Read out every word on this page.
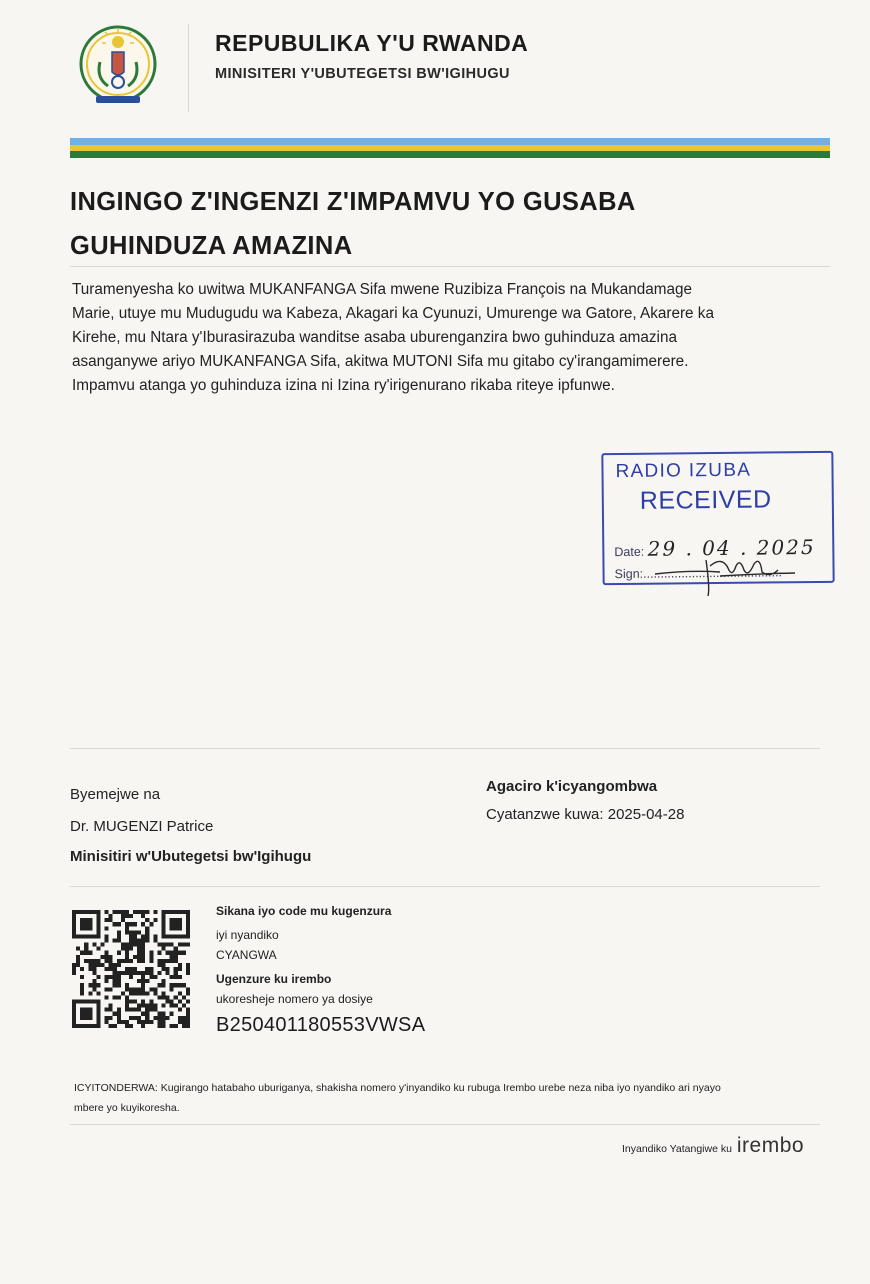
REPUBULIKA Y'U RWANDA
MINISITERI Y'UBUTEGETSI BW'IGIHUGU
INGINGO Z'INGENZI Z'IMPAMVU YO GUSABA
GUHINDUZA AMAZINA
Turamenyesha ko uwitwa MUKANFANGA Sifa mwene Ruzibiza François na Mukandamage
Marie, utuye mu Mudugudu wa Kabeza, Akagari ka Cyunuzi, Umurenge wa Gatore, Akarere ka
Kirehe, mu Ntara y'Iburasirazuba wanditse asaba uburenganzira bwo guhinduza amazina
asanganywe ariyo MUKANFANGA Sifa, akitwa MUTONI Sifa mu gitabo cy'irangamimerere.
Impamvu atanga yo guhinduza izina ni Izina ry'irigenurano rikaba riteye ipfunwe.
RADIO IZUBA
RECEIVED
Date: 29 . 04 . 2025
Sign:........................................
Byemejwe na
Dr. MUGENZI Patrice
Minisitiri w'Ubutegetsi bw'Igihugu
Agaciro k'icyangombwa
Cyatanzwe kuwa: 2025-04-28
Sikana iyo code mu kugenzura
iyi nyandiko
CYANGWA
Ugenzure ku irembo
ukoresheje nomero ya dosiye
B250401180553VWSA
ICYITONDERWA: Kugirango hatabaho uburiganya, shakisha nomero y'inyandiko ku rubuga Irembo urebe neza niba iyo nyandiko ari nyayo
mbere yo kuyikoresha.
Inyandiko Yatangiwe ku irembo
